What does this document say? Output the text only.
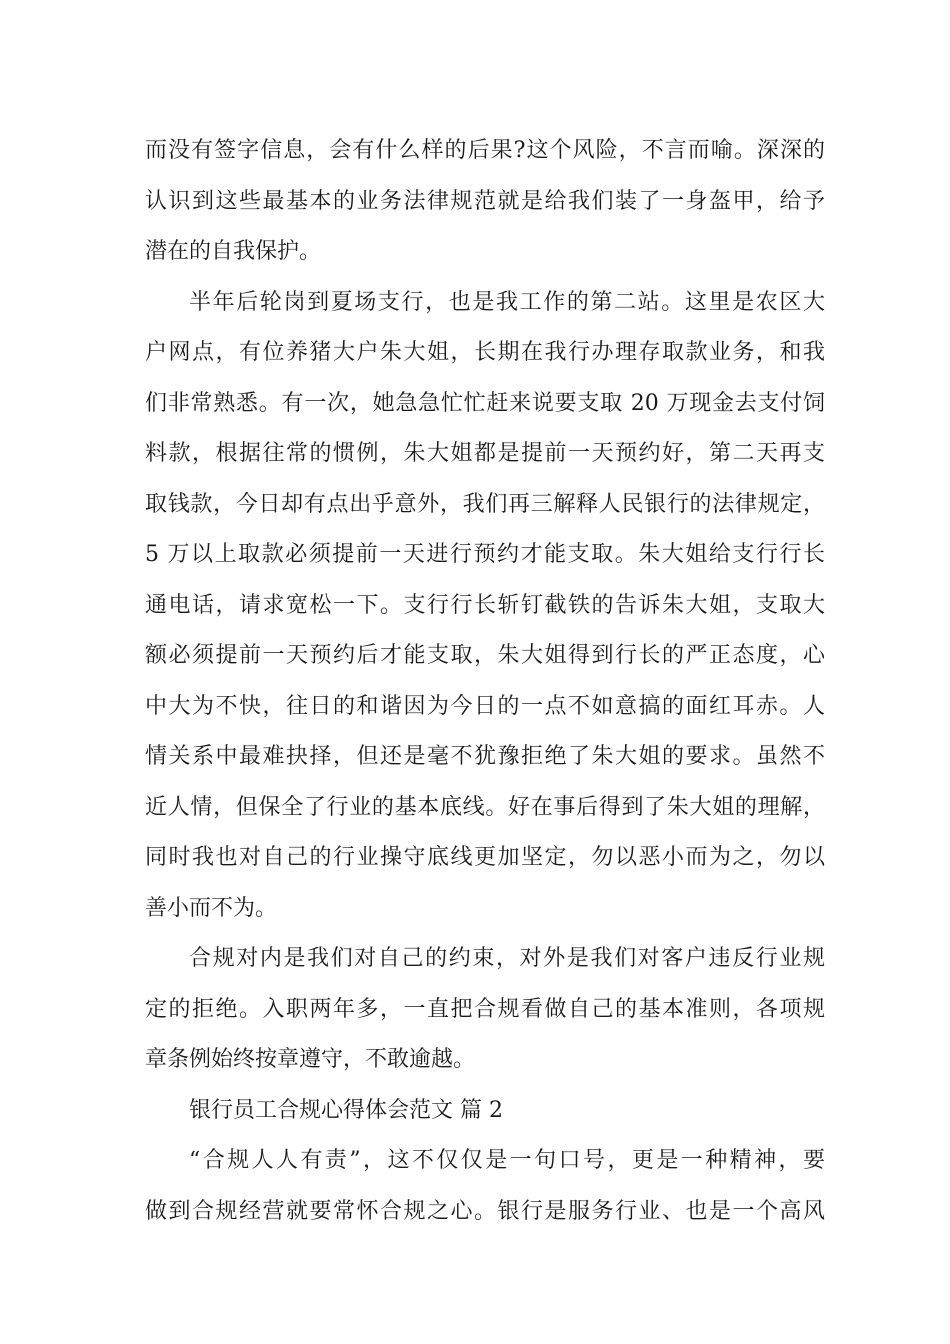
而没有签字信息，会有什么样的后果?这个风险，不言而喻。深深的
认识到这些最基本的业务法律规范就是给我们装了一身盔甲，给予
潜在的自我保护。
半年后轮岗到夏场支行，也是我工作的第二站。这里是农区大
户网点，有位养猪大户朱大姐，长期在我行办理存取款业务，和我
们非常熟悉。有一次，她急急忙忙赶来说要支取 20 万现金去支付饲
料款，根据往常的惯例，朱大姐都是提前一天预约好，第二天再支
取钱款，今日却有点出乎意外，我们再三解释人民银行的法律规定，
5 万以上取款必须提前一天进行预约才能支取。朱大姐给支行行长
通电话，请求宽松一下。支行行长斩钉截铁的告诉朱大姐，支取大
额必须提前一天预约后才能支取，朱大姐得到行长的严正态度，心
中大为不快，往日的和谐因为今日的一点不如意搞的面红耳赤。人
情关系中最难抉择，但还是毫不犹豫拒绝了朱大姐的要求。虽然不
近人情，但保全了行业的基本底线。好在事后得到了朱大姐的理解，
同时我也对自己的行业操守底线更加坚定，勿以恶小而为之，勿以
善小而不为。
合规对内是我们对自己的约束，对外是我们对客户违反行业规
定的拒绝。入职两年多，一直把合规看做自己的基本准则，各项规
章条例始终按章遵守，不敢逾越。
银行员工合规心得体会范文 篇 2
“合规人人有责”，这不仅仅是一句口号，更是一种精神，要
做到合规经营就要常怀合规之心。银行是服务行业、也是一个高风
